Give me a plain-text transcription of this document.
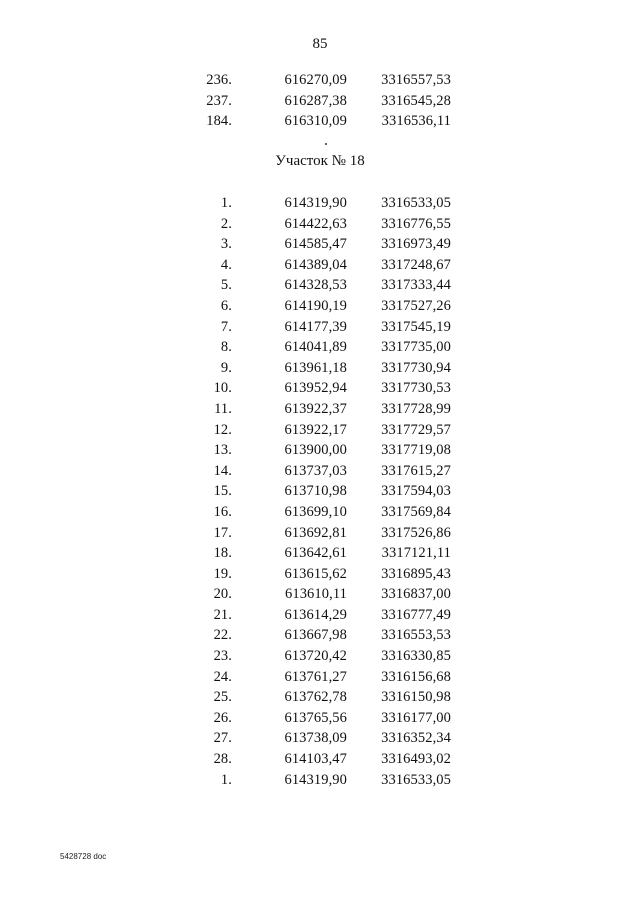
85
236.	616270,09	3316557,53
237.	616287,38	3316545,28
184.	616310,09	3316536,11
Участок № 18
1.	614319,90	3316533,05
2.	614422,63	3316776,55
3.	614585,47	3316973,49
4.	614389,04	3317248,67
5.	614328,53	3317333,44
6.	614190,19	3317527,26
7.	614177,39	3317545,19
8.	614041,89	3317735,00
9.	613961,18	3317730,94
10.	613952,94	3317730,53
11.	613922,37	3317728,99
12.	613922,17	3317729,57
13.	613900,00	3317719,08
14.	613737,03	3317615,27
15.	613710,98	3317594,03
16.	613699,10	3317569,84
17.	613692,81	3317526,86
18.	613642,61	3317121,11
19.	613615,62	3316895,43
20.	613610,11	3316837,00
21.	613614,29	3316777,49
22.	613667,98	3316553,53
23.	613720,42	3316330,85
24.	613761,27	3316156,68
25.	613762,78	3316150,98
26.	613765,56	3316177,00
27.	613738,09	3316352,34
28.	614103,47	3316493,02
1.	614319,90	3316533,05
5428728 doc
